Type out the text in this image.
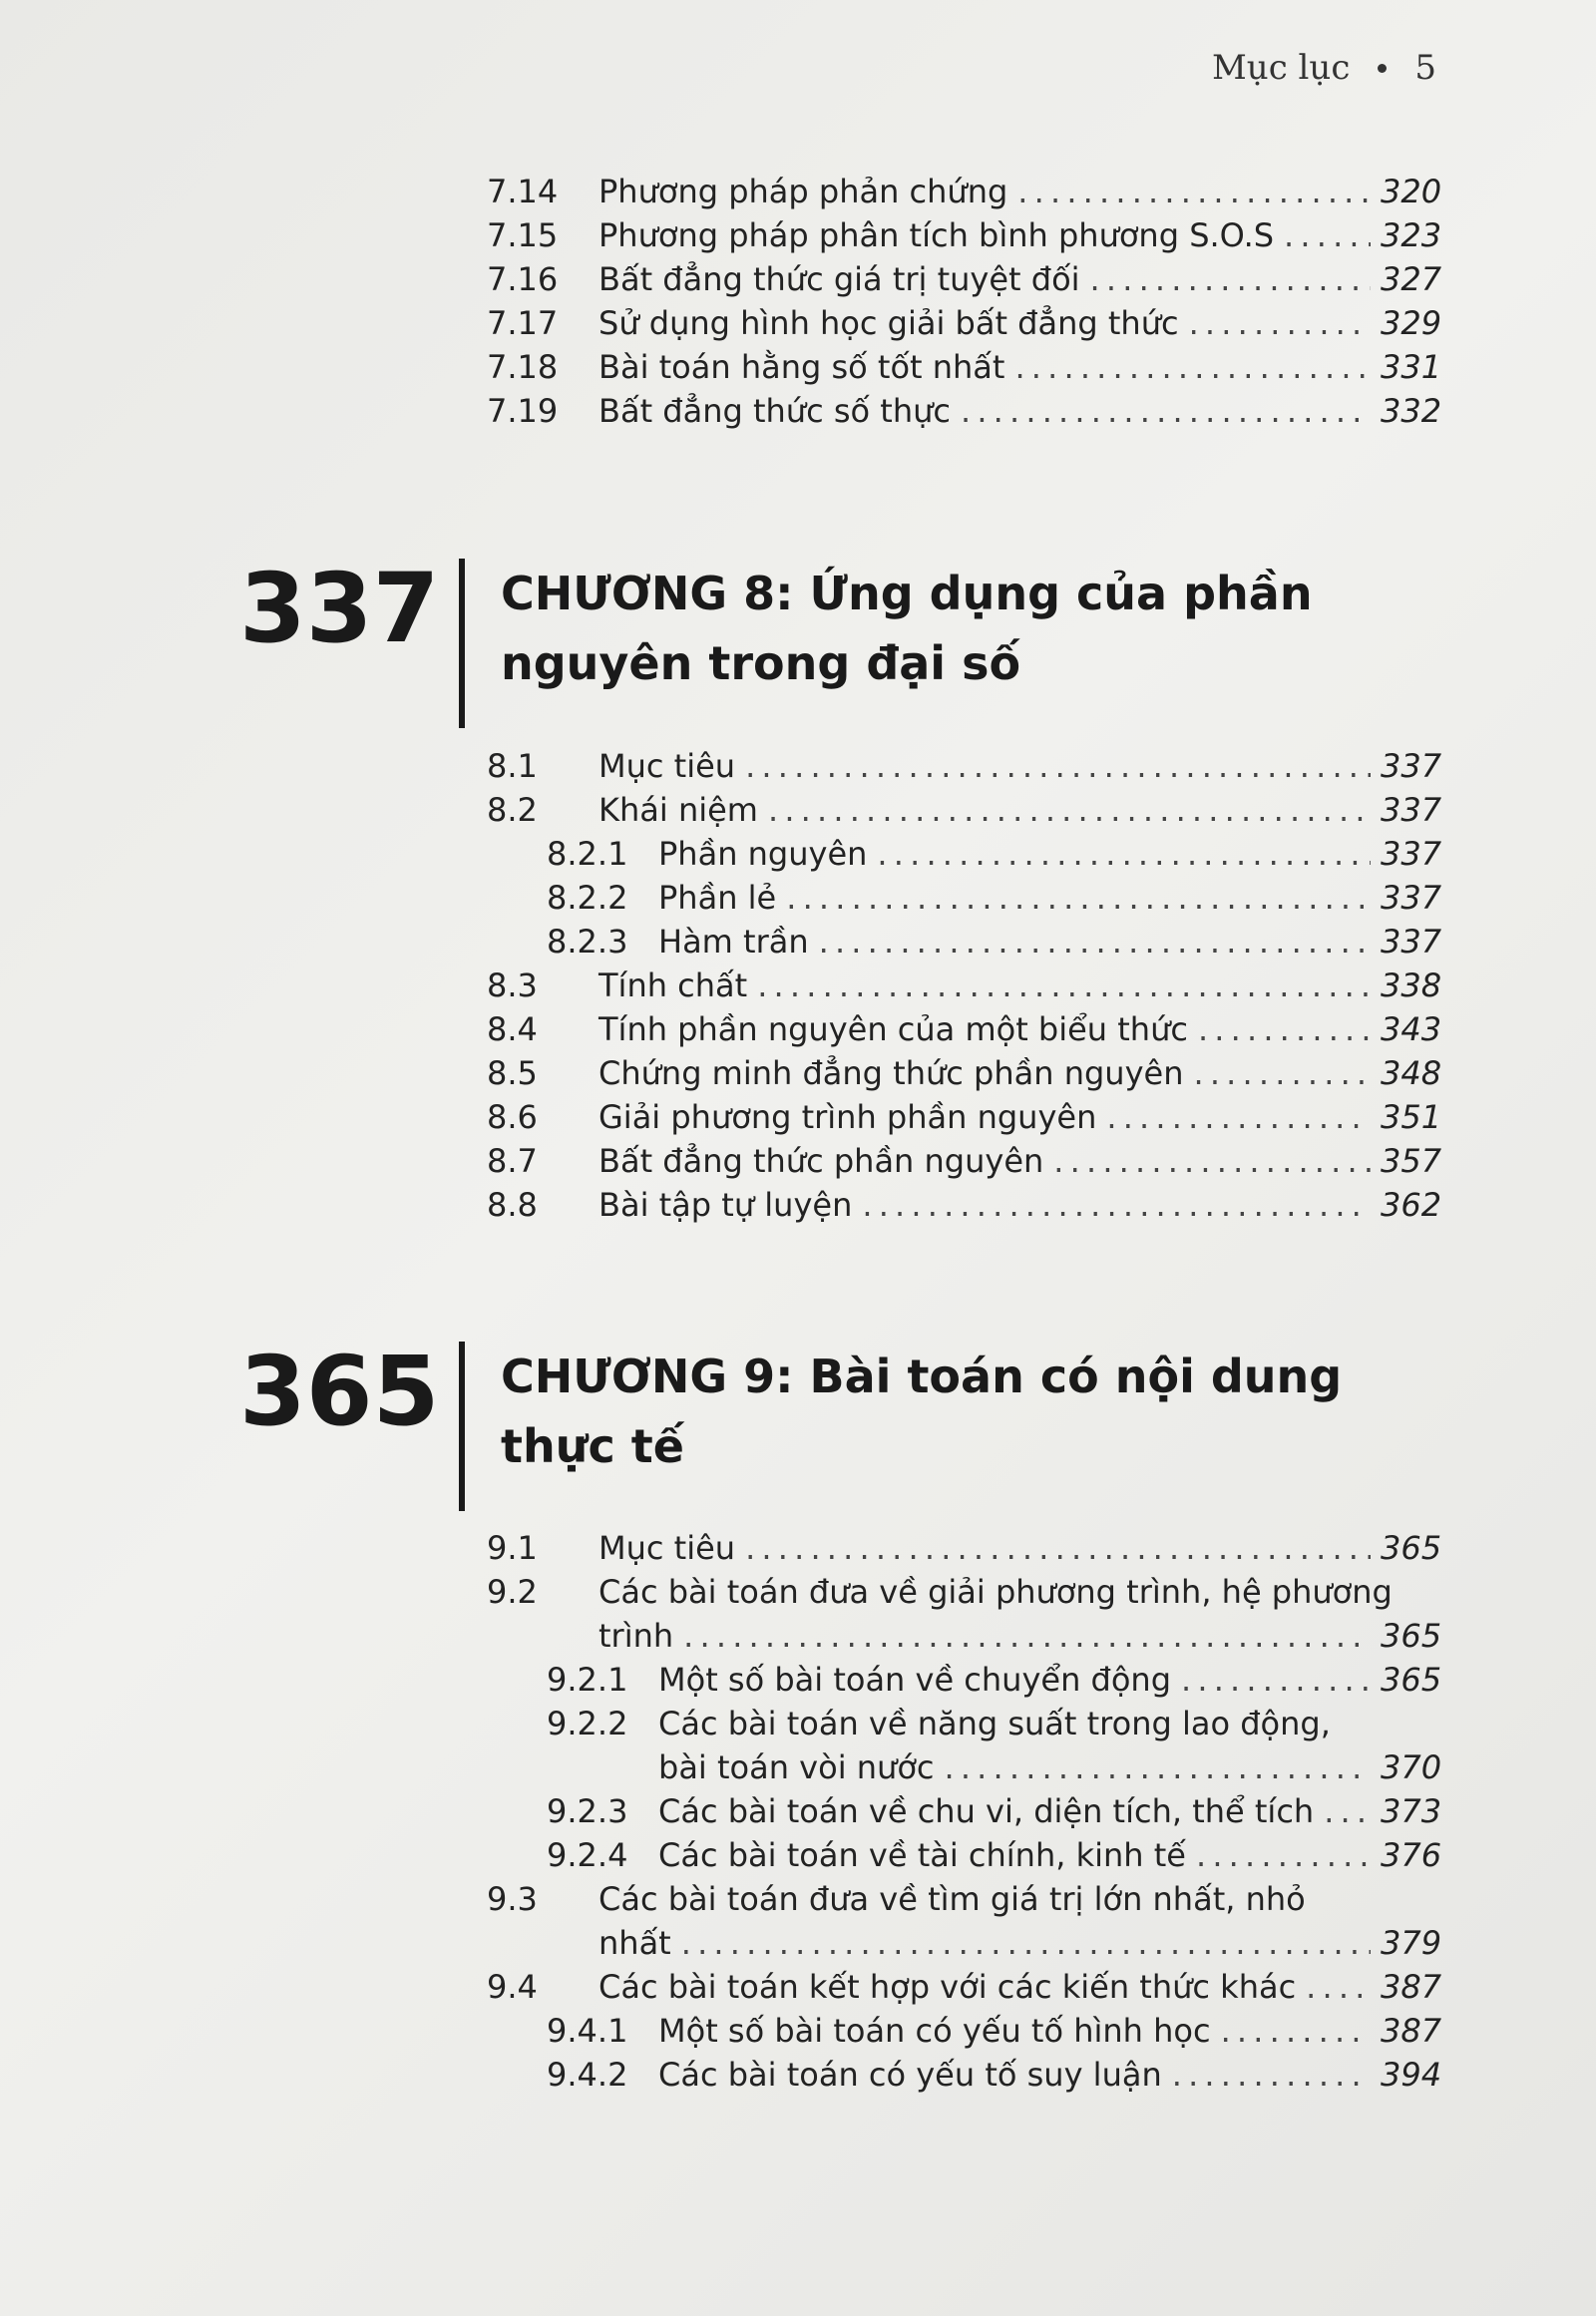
Mục lục 5
7.14	Phương pháp phản chứng . . .	320
7.15	Phương pháp phân tích bình phương S.O.S . . .	323
7.16	Bất đẳng thức giá trị tuyệt đối . . .	327
7.17	Sử dụng hình học giải bất đẳng thức . . .	329
7.18	Bài toán hằng số tốt nhất . . .	331
7.19	Bất đẳng thức số thực . . .	332
337	CHƯƠNG 8: Ứng dụng của phần nguyên trong đại số
8.1	Mục tiêu . . .	337
8.2	Khái niệm . . .	337
8.2.1 Phần nguyên . . .	337
8.2.2 Phần lẻ . . .	337
8.2.3 Hàm trần . . .	337
8.3	Tính chất . . .	338
8.4	Tính phần nguyên của một biểu thức . . .	343
8.5	Chứng minh đẳng thức phần nguyên . . .	348
8.6	Giải phương trình phần nguyên . . .	351
8.7	Bất đẳng thức phần nguyên . . .	357
8.8	Bài tập tự luyện . . .	362
365	CHƯƠNG 9: Bài toán có nội dung thực tế
9.1	Mục tiêu . . .	365
9.2	Các bài toán đưa về giải phương trình, hệ phương
trình . . .	365
9.2.1 Một số bài toán về chuyển động . . .	365
9.2.2 Các bài toán về năng suất trong lao động,
bài toán vòi nước . . .	370
9.2.3 Các bài toán về chu vi, diện tích, thể tích . . . 373
9.2.4 Các bài toán về tài chính, kinh tế . . .	376
9.3	Các bài toán đưa về tìm giá trị lớn nhất, nhỏ
nhất . . .	379
9.4	Các bài toán kết hợp với các kiến thức khác . . .	387
9.4.1 Một số bài toán có yếu tố hình học . . .	387
9.4.2 Các bài toán có yếu tố suy luận . . .	394
